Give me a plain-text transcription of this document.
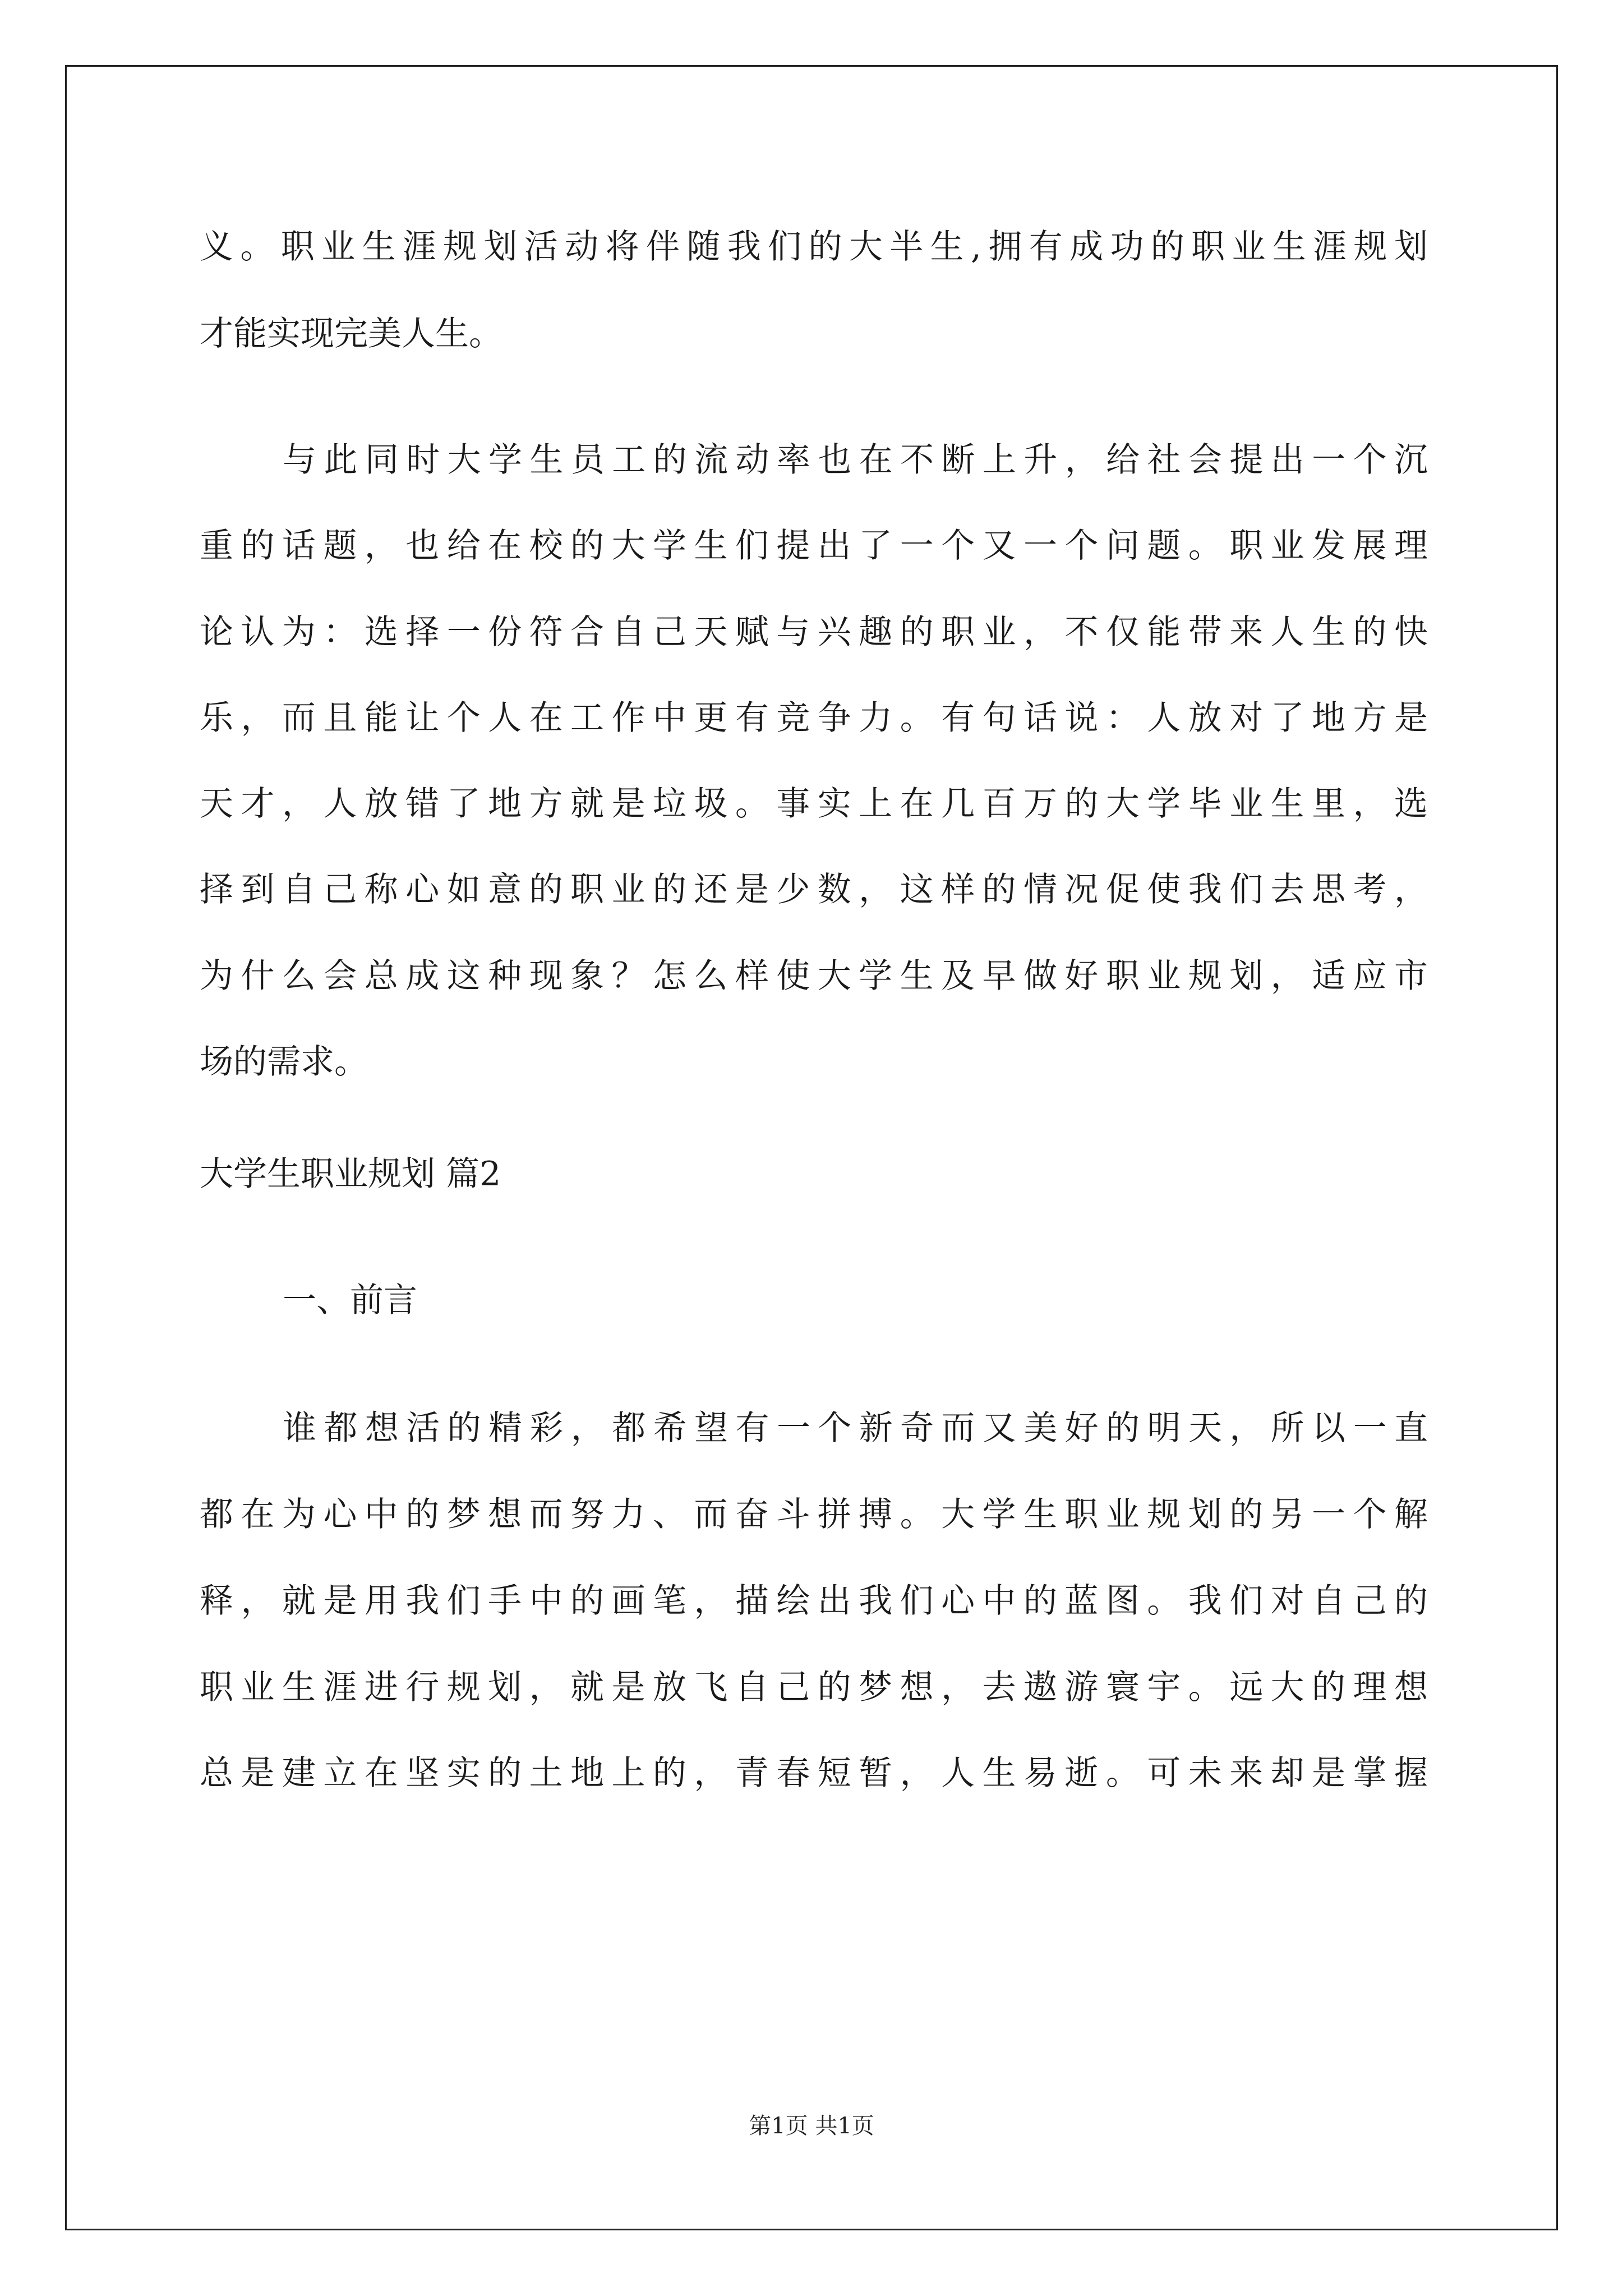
义。职业生涯规划活动将伴随我们的大半生,拥有成功的职业生涯规划
才能实现完美人生。
与此同时大学生员工的流动率也在不断上升，给社会提出一个沉
重的话题，也给在校的大学生们提出了一个又一个问题。职业发展理
论认为：选择一份符合自己天赋与兴趣的职业，不仅能带来人生的快
乐，而且能让个人在工作中更有竞争力。有句话说：人放对了地方是
天才，人放错了地方就是垃圾。事实上在几百万的大学毕业生里，选
择到自己称心如意的职业的还是少数，这样的情况促使我们去思考，
为什么会总成这种现象？怎么样使大学生及早做好职业规划，适应市
场的需求。
大学生职业规划 篇2
一、前言
谁都想活的精彩，都希望有一个新奇而又美好的明天，所以一直
都在为心中的梦想而努力、而奋斗拼搏。大学生职业规划的另一个解
释，就是用我们手中的画笔，描绘出我们心中的蓝图。我们对自己的
职业生涯进行规划，就是放飞自己的梦想，去遨游寰宇。远大的理想
总是建立在坚实的土地上的，青春短暂，人生易逝。可未来却是掌握
第1页 共1页
